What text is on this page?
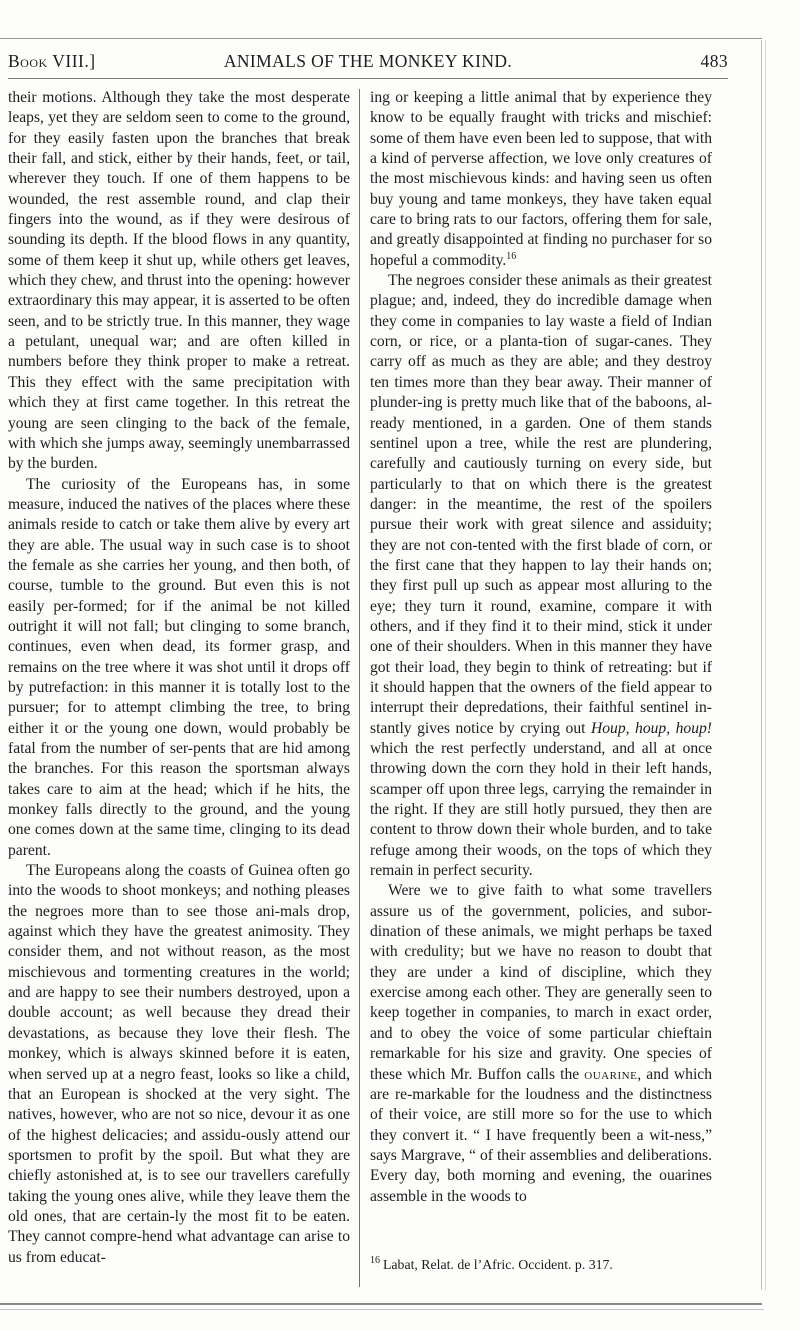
Book VIII.]	ANIMALS OF THE MONKEY KIND.	483

their motions. Although they take the most desperate leaps, yet they are seldom seen to come to the ground, for they easily fasten upon the branches that break their fall, and stick, either by their hands, feet, or tail, wherever they touch. If one of them happens to be wounded, the rest assemble round, and clap their fingers into the wound, as if they were desirous of sounding its depth. If the blood flows in any quantity, some of them keep it shut up, while others get leaves, which they chew, and thrust into the opening: however extraordinary this may appear, it is asserted to be often seen, and to be strictly true. In this manner, they wage a petulant, unequal war; and are often killed in numbers before they think proper to make a retreat. This they effect with the same precipitation with which they at first came together. In this retreat the young are seen clinging to the back of the female, with which she jumps away, seemingly unembarrassed by the burden.

The curiosity of the Europeans has, in some measure, induced the natives of the places where these animals reside to catch or take them alive by every art they are able. The usual way in such case is to shoot the female as she carries her young, and then both, of course, tumble to the ground. But even this is not easily per-formed; for if the animal be not killed outright it will not fall; but clinging to some branch, continues, even when dead, its former grasp, and remains on the tree where it was shot until it drops off by putrefaction: in this manner it is totally lost to the pursuer; for to attempt climbing the tree, to bring either it or the young one down, would probably be fatal from the number of ser-pents that are hid among the branches. For this reason the sportsman always takes care to aim at the head; which if he hits, the monkey falls directly to the ground, and the young one comes down at the same time, clinging to its dead parent.

The Europeans along the coasts of Guinea often go into the woods to shoot monkeys; and nothing pleases the negroes more than to see those ani-mals drop, against which they have the greatest animosity. They consider them, and not without reason, as the most mischievous and tormenting creatures in the world; and are happy to see their numbers destroyed, upon a double account; as well because they dread their devastations, as because they love their flesh. The monkey, which is always skinned before it is eaten, when served up at a negro feast, looks so like a child, that an European is shocked at the very sight. The natives, however, who are not so nice, devour it as one of the highest delicacies; and assidu-ously attend our sportsmen to profit by the spoil. But what they are chiefly astonished at, is to see our travellers carefully taking the young ones alive, while they leave them the old ones, that are certain-ly the most fit to be eaten. They cannot compre-hend what advantage can arise to us from educat-

ing or keeping a little animal that by experience they know to be equally fraught with tricks and mischief: some of them have even been led to suppose, that with a kind of perverse affection, we love only creatures of the most mischievous kinds: and having seen us often buy young and tame monkeys, they have taken equal care to bring rats to our factors, offering them for sale, and greatly disappointed at finding no purchaser for so hopeful a commodity.$^{16}$

The negroes consider these animals as their greatest plague; and, indeed, they do incredible damage when they come in companies to lay waste a field of Indian corn, or rice, or a planta-tion of sugar-canes. They carry off as much as they are able; and they destroy ten times more than they bear away. Their manner of plunder-ing is pretty much like that of the baboons, al-ready mentioned, in a garden. One of them stands sentinel upon a tree, while the rest are plundering, carefully and cautiously turning on every side, but particularly to that on which there is the greatest danger: in the meantime, the rest of the spoilers pursue their work with great silence and assiduity; they are not con-tented with the first blade of corn, or the first cane that they happen to lay their hands on; they first pull up such as appear most alluring to the eye; they turn it round, examine, compare it with others, and if they find it to their mind, stick it under one of their shoulders. When in this manner they have got their load, they begin to think of retreating: but if it should happen that the owners of the field appear to interrupt their depredations, their faithful sentinel in-stantly gives notice by crying out Houp, houp, houp! which the rest perfectly understand, and all at once throwing down the corn they hold in their left hands, scamper off upon three legs, carrying the remainder in the right. If they are still hotly pursued, they then are content to throw down their whole burden, and to take refuge among their woods, on the tops of which they remain in perfect security.

Were we to give faith to what some travellers assure us of the government, policies, and subor-dination of these animals, we might perhaps be taxed with credulity; but we have no reason to doubt that they are under a kind of discipline, which they exercise among each other. They are generally seen to keep together in companies, to march in exact order, and to obey the voice of some particular chieftain remarkable for his size and gravity. One species of these which Mr. Buffon calls the ouarine, and which are re-markable for the loudness and the distinctness of their voice, are still more so for the use to which they convert it. “ I have frequently been a wit-ness,” says Margrave, “ of their assemblies and deliberations. Every day, both morning and evening, the ouarines assemble in the woods to

$^{16}$ Labat, Relat. de l’Afric. Occident. p. 317.
